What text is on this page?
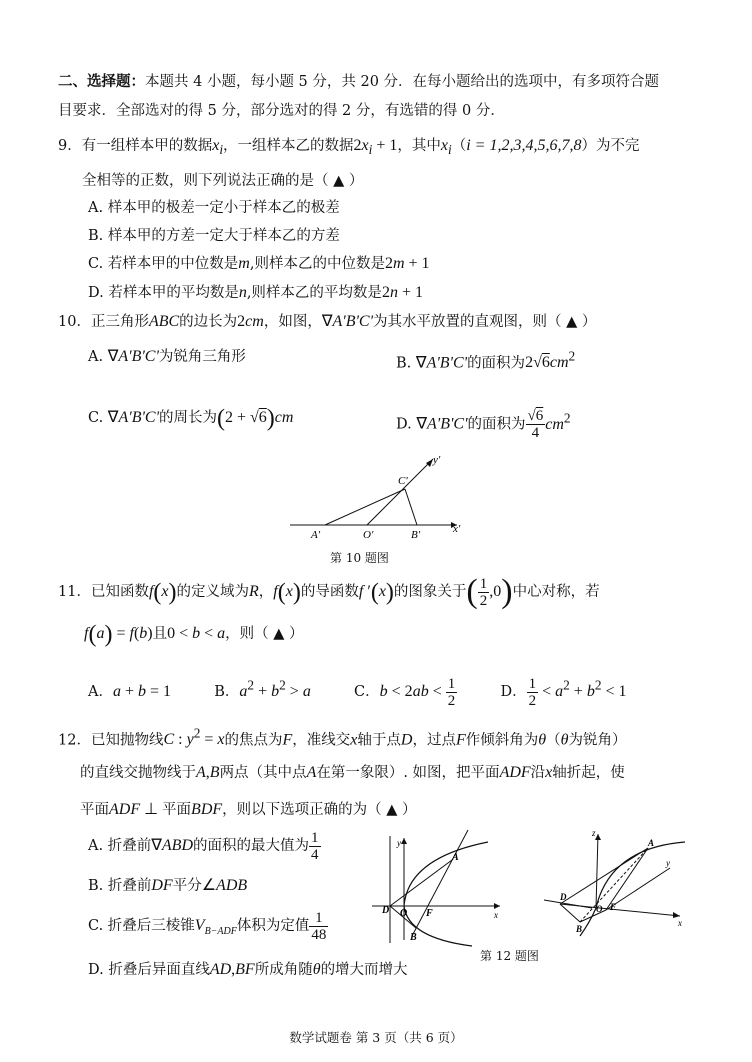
二、选择题：本题共 4 小题，每小题 5 分，共 20 分．在每小题给出的选项中，有多项符合题
目要求．全部选对的得 5 分，部分选对的得 2 分，有选错的得 0 分．
9．有一组样本甲的数据$x_i$，一组样本乙的数据$2x_i + 1$，其中$x_i(i = 1,2,3,4,5,6,7,8)$为不完
全相等的正数，则下列说法正确的是（ ▲ ）
A. 样本甲的极差一定小于样本乙的极差
B. 样本甲的方差一定大于样本乙的方差
C. 若样本甲的中位数是m,则样本乙的中位数是2m + 1
D. 若样本甲的平均数是n,则样本乙的平均数是2n + 1
10．正三角形ABC的边长为2cm，如图，∇A'B'C'为其水平放置的直观图，则（ ▲ ）
A. ∇A'B'C'为锐角三角形	B. ∇A'B'C'的面积为$2√6cm^2$
C. ∇A'B'C'的周长为(2 + √6)cm	D. ∇A'B'C'的面积为 $\frac{√6}{4} cm^2$
A′	O′	B′
C′
y′
x′
第 10 题图
11．已知函数f(x)的定义域为R，f(x)的导函数f ′(x)的图象关于( $\frac{1}{2} ,0$)中心对称，若
f(a) = f(b)且0 < b < a，则（ ▲ ）
A．a + b = 1	B．$a^2 + b^2 > a$	C．$b < 2ab < \frac{1}{2}$	D． $\frac{1}{2} < a^2 + b^2 < 1$
12．已知抛物线C : $y^2 = x$的焦点为F，准线交x轴于点D，过点F作倾斜角为θ（θ为锐角）
的直线交抛物线于A,B两点（其中点A在第一象限）. 如图，把平面ADF沿x轴折起，使
平面ADF ⊥ 平面BDF，则以下选项正确的为（ ▲ ）
A. 折叠前∇ABD的面积的最大值为 $\frac{1}{4}$
B. 折叠前DF平分∠ADB
C. 折叠后三棱锥$V_{B-ADF}$体积为定值 $\frac{1}{48}$
D. 折叠后异面直线AD,BF所成角随θ的增大而增大
D O F
A
B
y
x
第 12 题图
D
O F
A
B
y
z
x
数学试题卷 第 3 页（共 6 页）
